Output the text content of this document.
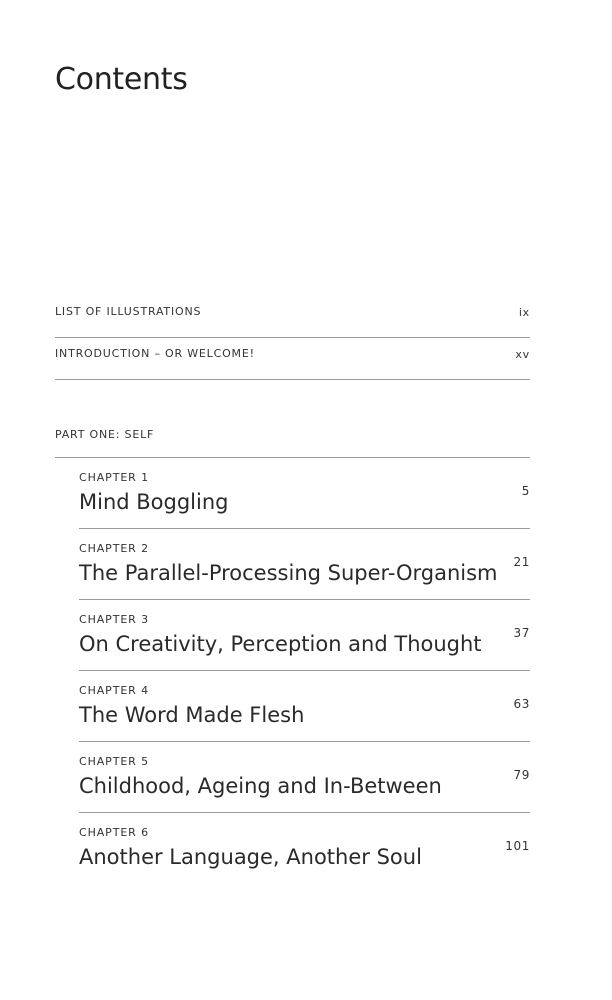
Contents
LIST OF ILLUSTRATIONS	ix
INTRODUCTION – OR WELCOME!	xv
PART ONE: SELF
CHAPTER 1
Mind Boggling	5
CHAPTER 2
The Parallel-Processing Super-Organism 21
CHAPTER 3
On Creativity, Perception and Thought	37
CHAPTER 4
The Word Made Flesh	63
CHAPTER 5
Childhood, Ageing and In-Between	79
CHAPTER 6
Another Language, Another Soul	101
